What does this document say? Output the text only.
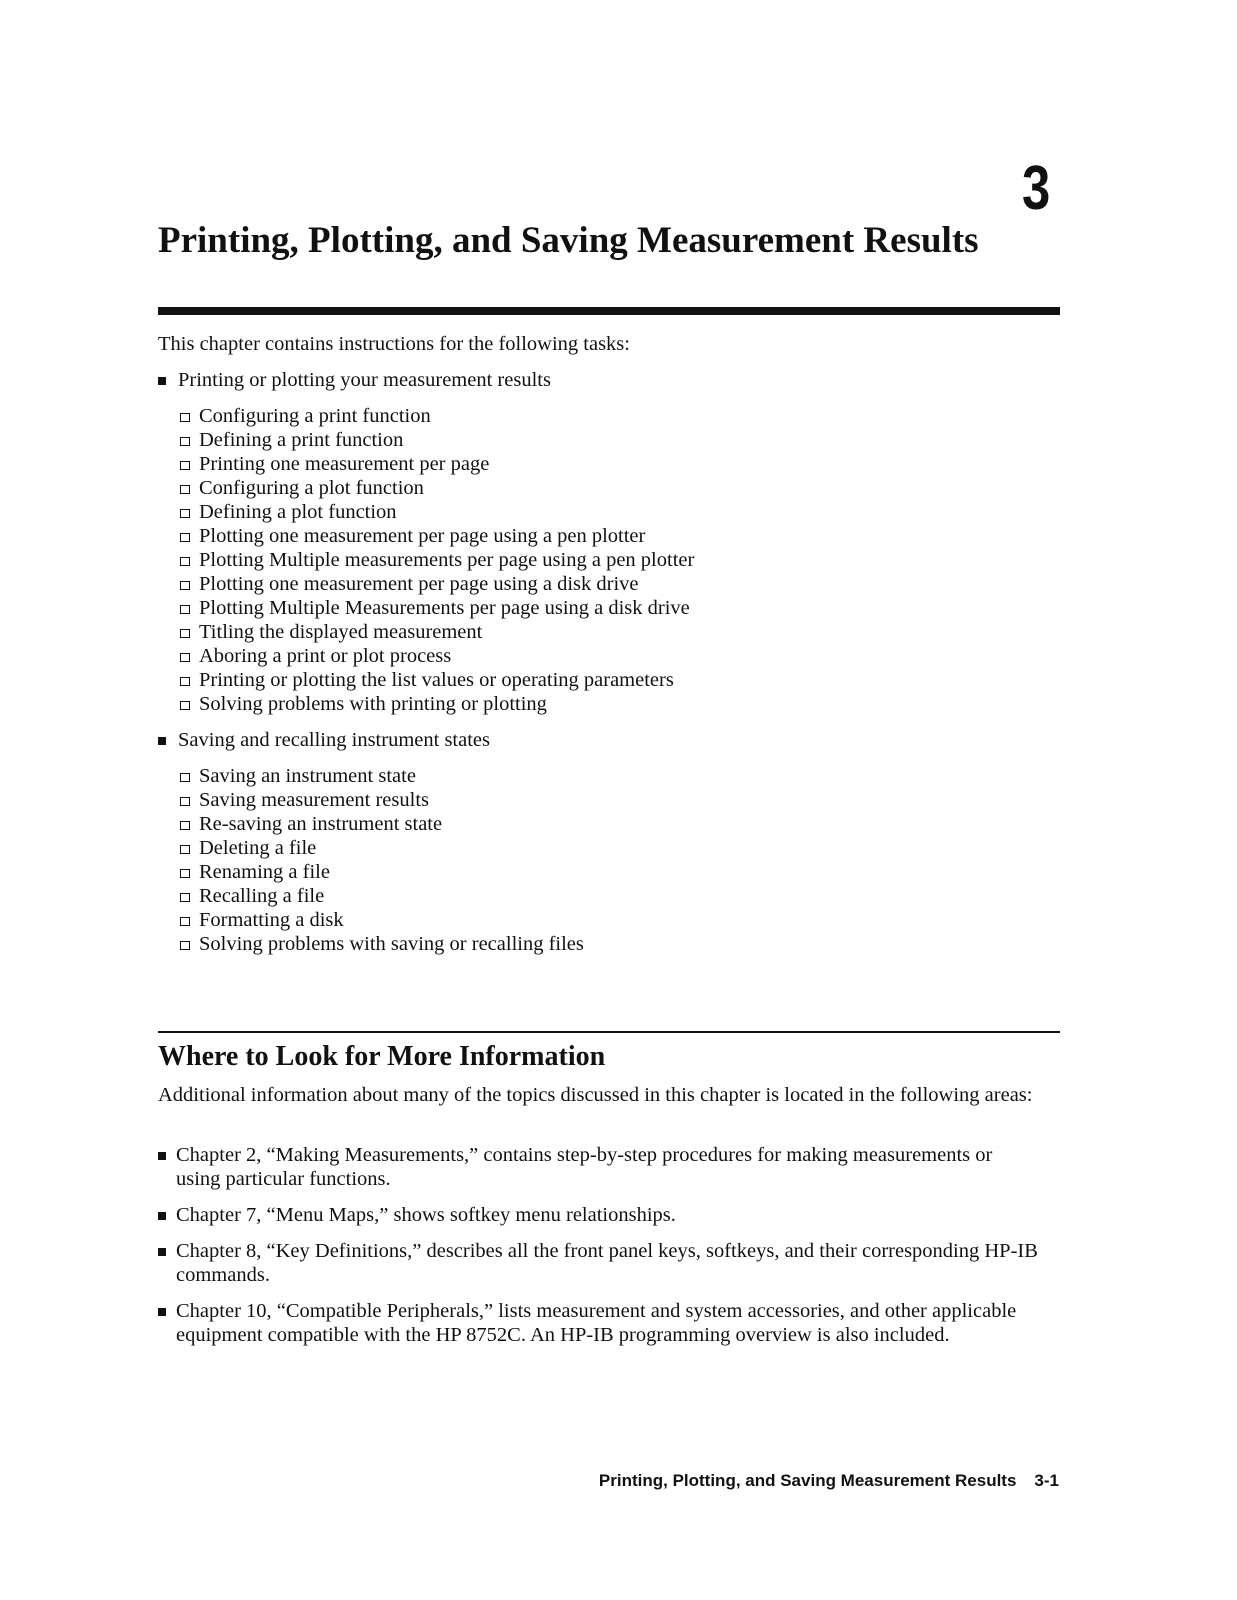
3
Printing, Plotting, and Saving Measurement Results

This chapter contains instructions for the following tasks:

Printing or plotting your measurement results
Configuring a print function
Defining a print function
Printing one measurement per page
Configuring a plot function
Defining a plot function
Plotting one measurement per page using a pen plotter
Plotting Multiple measurements per page using a pen plotter
Plotting one measurement per page using a disk drive
Plotting Multiple Measurements per page using a disk drive
Titling the displayed measurement
Aboring a print or plot process
Printing or plotting the list values or operating parameters
Solving problems with printing or plotting
Saving and recalling instrument states
Saving an instrument state
Saving measurement results
Re-saving an instrument state
Deleting a file
Renaming a file
Recalling a file
Formatting a disk
Solving problems with saving or recalling files
Where to Look for More Information

Additional information about many of the topics discussed in this chapter is located in the following areas:

Chapter 2, “Making Measurements,” contains step-by-step procedures for making measurements or using particular functions.
Chapter 7, “Menu Maps,” shows softkey menu relationships.
Chapter 8, “Key Definitions,” describes all the front panel keys, softkeys, and their corresponding HP-IB commands.
Chapter 10, “Compatible Peripherals,” lists measurement and system accessories, and other applicable equipment compatible with the HP 8752C. An HP-IB programming overview is also included.
Printing, Plotting, and Saving Measurement Results 3-1
